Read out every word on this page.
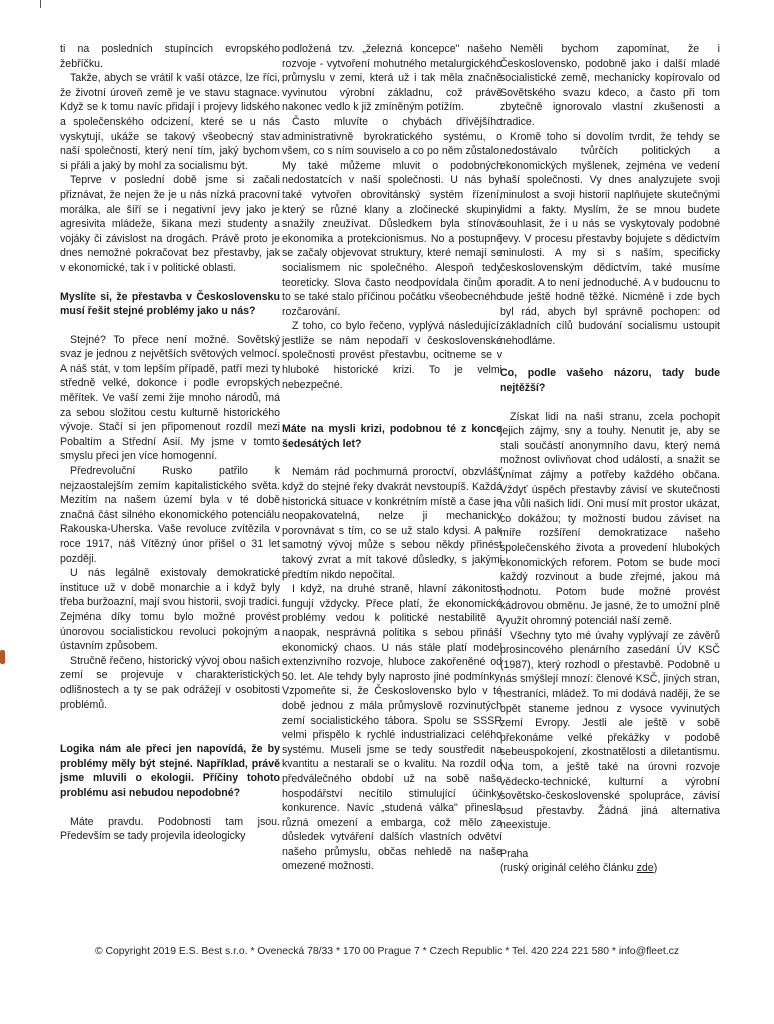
ti na posledních stupíncích evropského žebříčku.

Takže, abych se vrátil k vaší otázce, lze říci, že životní úroveň země je ve stavu stagnace. Když se k tomu navíc přidají i projevy lidského a společenského odcizení, které se u nás vyskytují, ukáže se takový všeobecný stav naší společnosti, který není tím, jaký bychom si přáli a jaký by mohl za socialismu být.

Teprve v poslední době jsme si začali přiznávat, že nejen že je u nás nízká pracovní morálka, ale šíří se i negativní jevy jako je agresivita mládeže, šikana mezi studenty a vojáky či závislost na drogách. Právě proto je dnes nemožné pokračovat bez přestavby, jak v ekonomické, tak i v politické oblasti.

Myslíte si, že přestavba v Československu musí řešit stejné problémy jako u nás?

Stejné? To přece není možné. Sovětský svaz je jednou z největších světových velmocí. A náš stát, v tom lepším případě, patří mezi ty středně velké, dokonce i podle evropských měřítek. Ve vaší zemi žije mnoho národů, má za sebou složitou cestu kulturně historického vývoje. Stačí si jen připomenout rozdíl mezi Pobaltím a Střední Asií. My jsme v tomto smyslu přeci jen více homogenní.

Předrevoluční Rusko patřilo k nejzaostalejším zemím kapitalistického světa. Mezitím na našem území byla v té době značná část silného ekonomického potenciálu Rakouska-Uherska. Vaše revoluce zvítězila v roce 1917, náš Vítězný únor přišel o 31 let později.

U nás legálně existovaly demokratické instituce už v době monarchie a i když byly třeba buržoazní, mají svou historii, svoji tradici. Zejména díky tomu bylo možné provést únorovou socialistickou revoluci pokojným a ústavním způsobem.

Stručně řečeno, historický vývoj obou našich zemí se projevuje v charakteristických odlišnostech a ty se pak odrážejí v osobitosti problémů.

Logika nám ale přeci jen napovídá, že by problémy měly být stejné. Například, právě jsme mluvili o ekologii. Příčiny tohoto problému asi nebudou nepodobné?

Máte pravdu. Podobnosti tam jsou. Především se tady projevila ideologicky

podložená tzv. „železná koncepce" našeho rozvoje - vytvoření mohutného metalurgického průmyslu v zemi, která už i tak měla značně vyvinutou výrobní základnu, což právě nakonec vedlo k již zmíněným potížím.

Často mluvíte o chybách dřívějšího administrativně byrokratického systému, o všem, co s ním souviselo a co po něm zůstalo. My také můžeme mluvit o podobných nedostatcích v naší společnosti. U nás byl také vytvořen obrovitánský systém řízení, který se různé klany a zločinecké skupiny snažily zneužívat. Důsledkem byla stínová ekonomika a protekcionismus. No a postupně se začaly objevovat struktury, které nemají se socialismem nic společného. Alespoň tedy teoreticky. Slova často neodpovídala činům a to se také stalo příčinou počátku všeobecného rozčarování.

Z toho, co bylo řečeno, vyplývá následující: jestliže se nám nepodaří v československé společnosti provést přestavbu, ocitneme se v hluboké historické krizi. To je velmi nebezpečné.

Máte na mysli krizi, podobnou té z konce šedesátých let?

Nemám rád pochmurná proroctví, obzvlášť když do stejné řeky dvakrát nevstoupíš. Každá historická situace v konkrétním místě a čase je neopakovatelná, nelze ji mechanicky porovnávat s tím, co se už stalo kdysi. A pak samotný vývoj může s sebou někdy přinést takový zvrat a mít takové důsledky, s jakými předtím nikdo nepočítal.

I když, na druhé straně, hlavní zákonitosti fungují vždycky. Přece platí, že ekonomické problémy vedou k politické nestabilitě a naopak, nesprávná politika s sebou přináší ekonomický chaos. U nás stále platí model extenzivního rozvoje, hluboce zakořeněné od 50. let. Ale tehdy byly naprosto jiné podmínky. Vzpomeňte si, že Československo bylo v té době jednou z mála průmyslově rozvinutých zemí socialistického tábora. Spolu se SSSR velmi přispělo k rychlé industrializaci celého systému. Museli jsme se tedy soustředit na kvantitu a nestarali se o kvalitu. Na rozdíl od předválečného období už na sobě naše hospodářství necítilo stimulující účinky konkurence. Navíc „studená válka" přinesla různá omezení a embarga, což mělo za důsledek vytváření dalších vlastních odvětví našeho průmyslu, občas nehledě na naše omezené možnosti.

Neměli bychom zapomínat, že i Československo, podobně jako i další mladé socialistické země, mechanicky kopírovalo od Sovětského svazu kdeco, a často při tom zbytečně ignorovalo vlastní zkušenosti a tradice.

Kromě toho si dovolím tvrdit, že tehdy se nedostávalo tvůrčích politických a ekonomických myšlenek, zejména ve vedení naší společnosti. Vy dnes analyzujete svoji minulost a svoji historii naplňujete skutečnými lidmi a fakty. Myslím, že se mnou budete souhlasit, že i u nás se vyskytovaly podobné jevy. V procesu přestavby bojujete s dědictvím minulosti. A my si s naším, specificky československým dědictvím, také musíme poradit. A to není jednoduché. A v budoucnu to bude ještě hodně těžké. Nicméně i zde bych byl rád, abych byl správně pochopen: od základních cílů budování socialismu ustoupit nehodláme.

Co, podle vašeho názoru, tady bude nejtěžší?

Získat lidi na naši stranu, zcela pochopit jejich zájmy, sny a touhy. Nenutit je, aby se stali součástí anonymního davu, který nemá možnost ovlivňovat chod událostí, a snažit se vnímat zájmy a potřeby každého občana. Vždyť úspěch přestavby závisí ve skutečnosti na vůli našich lidí. Oni musí mít prostor ukázat, co dokážou; ty možnosti budou záviset na míře rozšíření demokratizace našeho společenského života a provedení hlubokých ekonomických reforem. Potom se bude moci každý rozvinout a bude zřejmé, jakou má hodnotu. Potom bude možné provést kádrovou obměnu. Je jasné, že to umožní plně využít ohromný potenciál naší země.

Všechny tyto mé úvahy vyplývají ze závěrů prosincového plenárního zasedání ÚV KSČ (1987), který rozhodl o přestavbě. Podobně u nás smýšlejí mnozí: členové KSČ, jiných stran, nestraníci, mládež. To mi dodává naději, že se opět staneme jednou z vysoce vyvinutých zemí Evropy. Jestli ale ještě v sobě překonáme velké překážky v podobě sebeuspokojení, zkostnatělosti a diletantismu. Na tom, a ještě také na úrovni rozvoje vědecko-technické, kulturní a výrobní sovětsko-československé spolupráce, závisí osud přestavby. Žádná jiná alternativa neexistuje.

Praha

(ruský originál celého článku zde)

© Copyright 2019 E.S. Best s.r.o. * Ovenecká 78/33 * 170 00 Prague 7 * Czech Republic * Tel. 420 224 221 580 * info@fleet.cz
